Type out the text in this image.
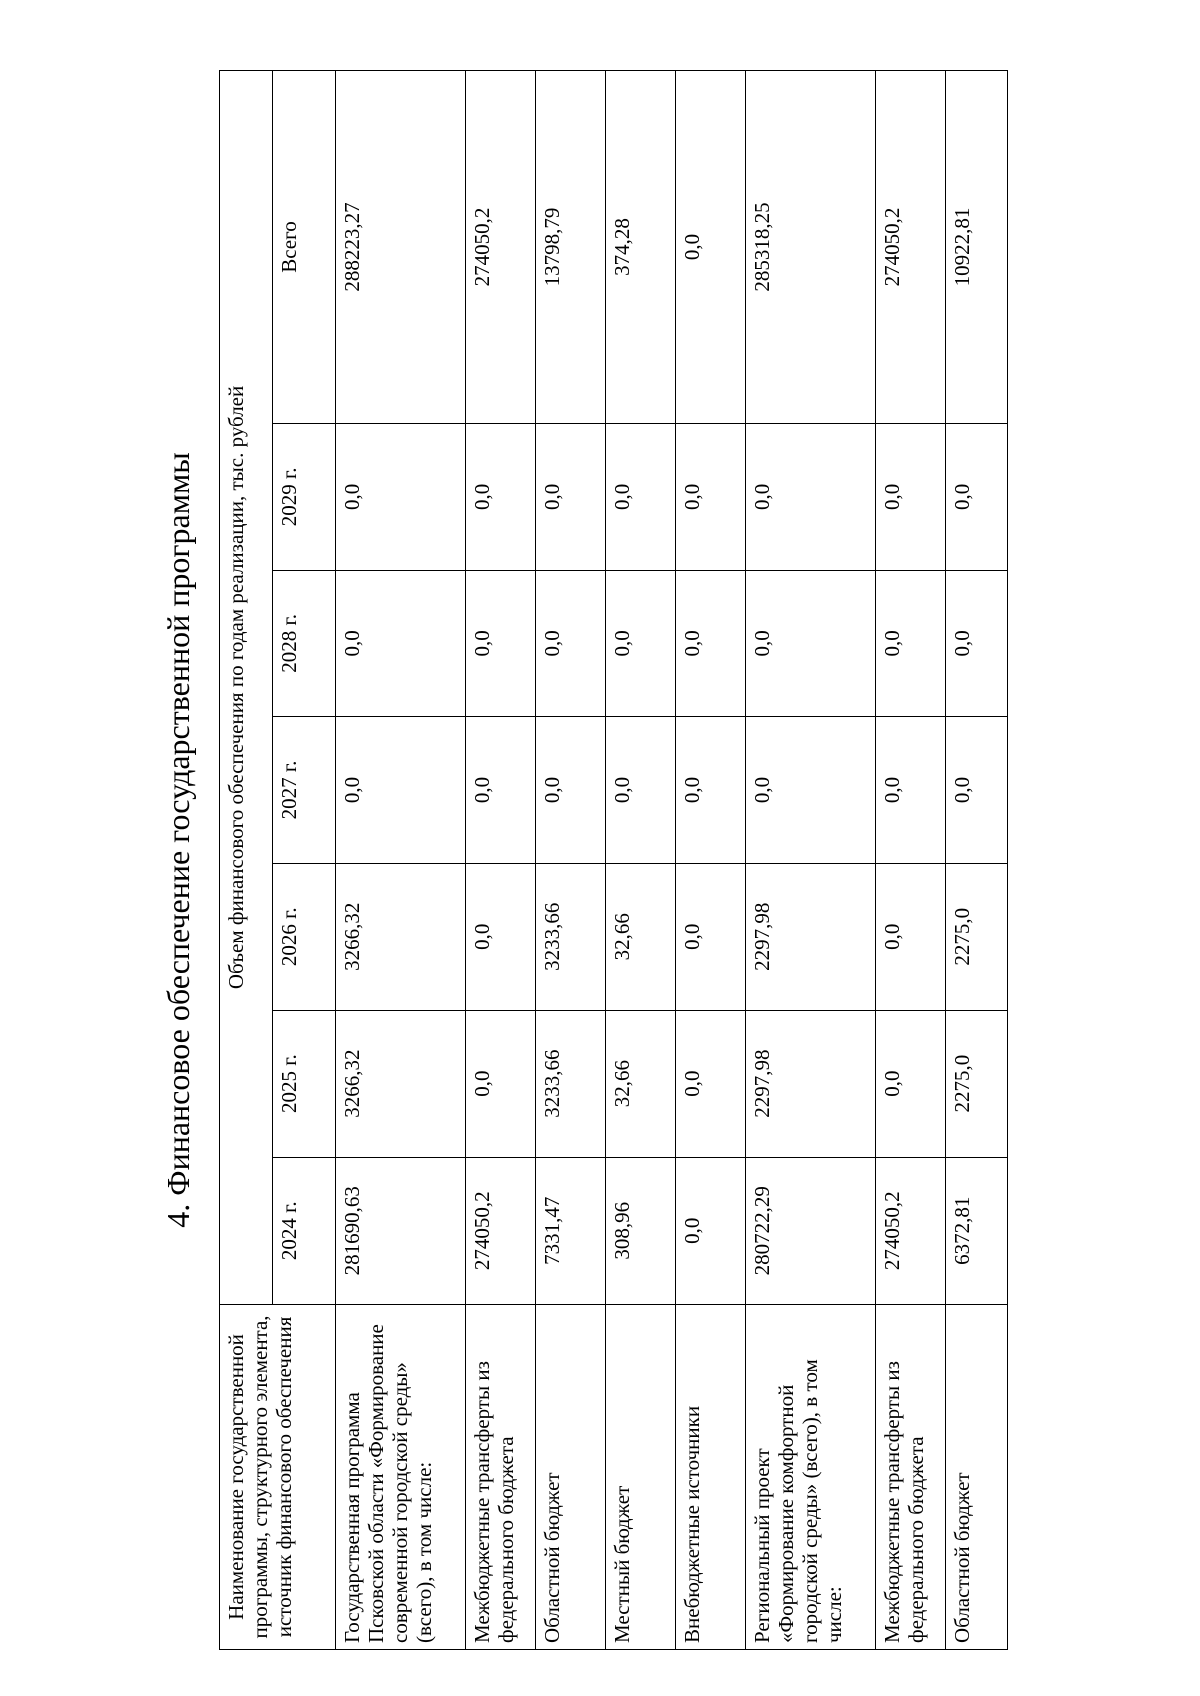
4. Финансовое обеспечение государственной программы
Наименование государственной программы, структурного элемента, источник финансового обеспечения	Объем финансового обеспечения по годам реализации, тыс. рублей						
	2024 г.	2025 г.	2026 г.	2027 г.	2028 г.	2029 г.	Всего
Государственная программа Псковской области «Формирование современной городской среды» (всего), в том числе:	281690,63	3266,32	3266,32	0,0	0,0	0,0	288223,27
Межбюджетные трансферты из федерального бюджета	274050,2	0,0	0,0	0,0	0,0	0,0	274050,2
Областной бюджет	7331,47	3233,66	3233,66	0,0	0,0	0,0	13798,79
Местный бюджет	308,96	32,66	32,66	0,0	0,0	0,0	374,28
Внебюджетные источники	0,0	0,0	0,0	0,0	0,0	0,0	0,0
Региональный проект «Формирование комфортной городской среды» (всего), в том числе:	280722,29	2297,98	2297,98	0,0	0,0	0,0	285318,25
Межбюджетные трансферты из федерального бюджета	274050,2	0,0	0,0	0,0	0,0	0,0	274050,2
Областной бюджет	6372,81	2275,0	2275,0	0,0	0,0	0,0	10922,81
